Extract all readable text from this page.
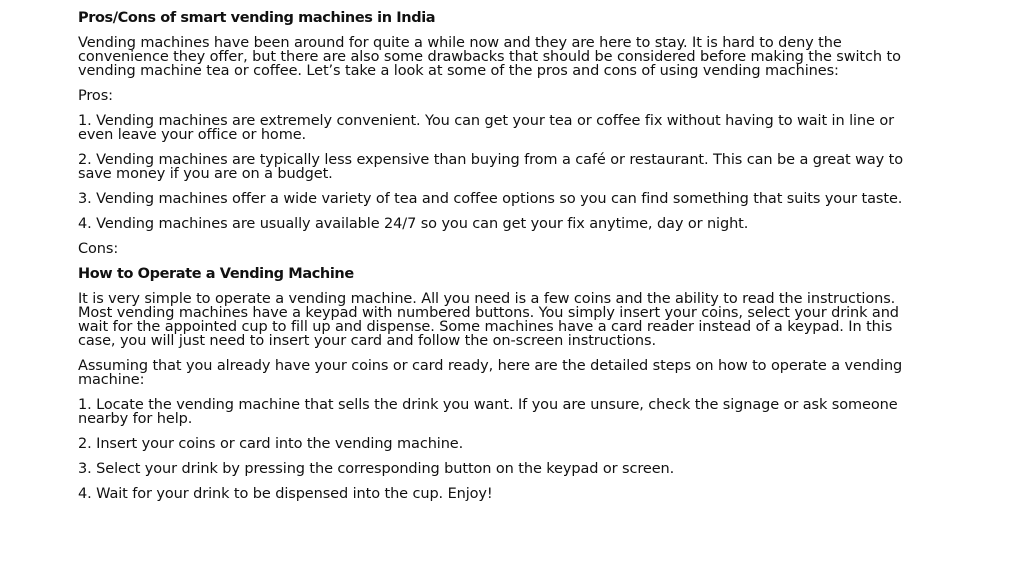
Pros/Cons of smart vending machines in India

Vending machines have been around for quite a while now and they are here to stay. It is hard to deny the convenience they offer, but there are also some drawbacks that should be considered before making the switch to vending machine tea or coffee. Let’s take a look at some of the pros and cons of using vending machines:

Pros:

1. Vending machines are extremely convenient. You can get your tea or coffee fix without having to wait in line or even leave your office or home.

2. Vending machines are typically less expensive than buying from a café or restaurant. This can be a great way to save money if you are on a budget.

3. Vending machines offer a wide variety of tea and coffee options so you can find something that suits your taste.

4. Vending machines are usually available 24/7 so you can get your fix anytime, day or night.

Cons:

How to Operate a Vending Machine

It is very simple to operate a vending machine. All you need is a few coins and the ability to read the instructions. Most vending machines have a keypad with numbered buttons. You simply insert your coins, select your drink and wait for the appointed cup to fill up and dispense. Some machines have a card reader instead of a keypad. In this case, you will just need to insert your card and follow the on-screen instructions.

Assuming that you already have your coins or card ready, here are the detailed steps on how to operate a vending machine:

1. Locate the vending machine that sells the drink you want. If you are unsure, check the signage or ask someone nearby for help.

2. Insert your coins or card into the vending machine.

3. Select your drink by pressing the corresponding button on the keypad or screen.

4. Wait for your drink to be dispensed into the cup. Enjoy!
